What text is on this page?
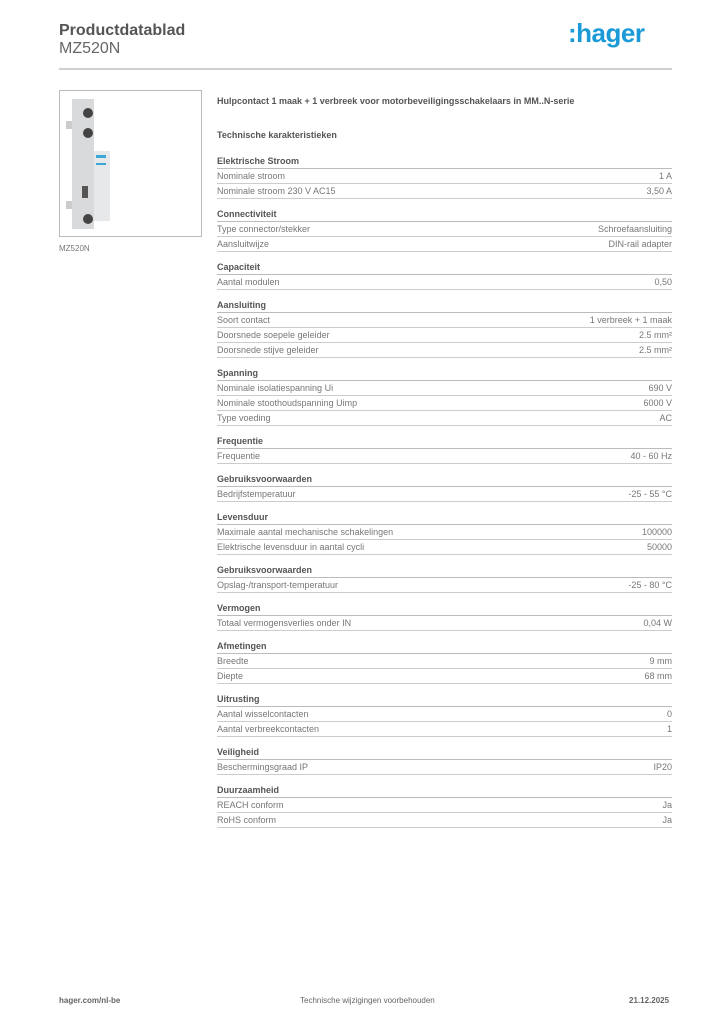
Productdatablad
MZ520N
:hager
MZ520N
Hulpcontact 1 maak + 1 verbreek voor motorbeveiligingsschakelaars in MM..N-serie
Technische karakteristieken
Elektrische Stroom
Nominale stroom	1 A
Nominale stroom 230 V AC15	3,50 A
Connectiviteit
Type connector/stekker	Schroefaansluiting
Aansluitwijze	DIN-rail adapter
Capaciteit
Aantal modulen	0,50
Aansluiting
Soort contact	1 verbreek + 1 maak
Doorsnede soepele geleider	2.5 mm²
Doorsnede stijve geleider	2.5 mm²
Spanning
Nominale isolatiespanning Ui	690 V
Nominale stoothoudspanning Uimp	6000 V
Type voeding	AC
Frequentie
Frequentie	40 - 60 Hz
Gebruiksvoorwaarden
Bedrijfstemperatuur	-25 - 55 °C
Levensduur
Maximale aantal mechanische schakelingen	100000
Elektrische levensduur in aantal cycli	50000
Gebruiksvoorwaarden
Opslag-/transport-temperatuur	-25 - 80 °C
Vermogen
Totaal vermogensverlies onder IN	0,04 W
Afmetingen
Breedte	9 mm
Diepte	68 mm
Uitrusting
Aantal wisselcontacten	0
Aantal verbreekcontacten	1
Veiligheid
Beschermingsgraad IP	IP20
Duurzaamheid
REACH conform	Ja
RoHS conform	Ja
hager.com/nl-be	Technische wijzigingen voorbehouden	21.12.2025
